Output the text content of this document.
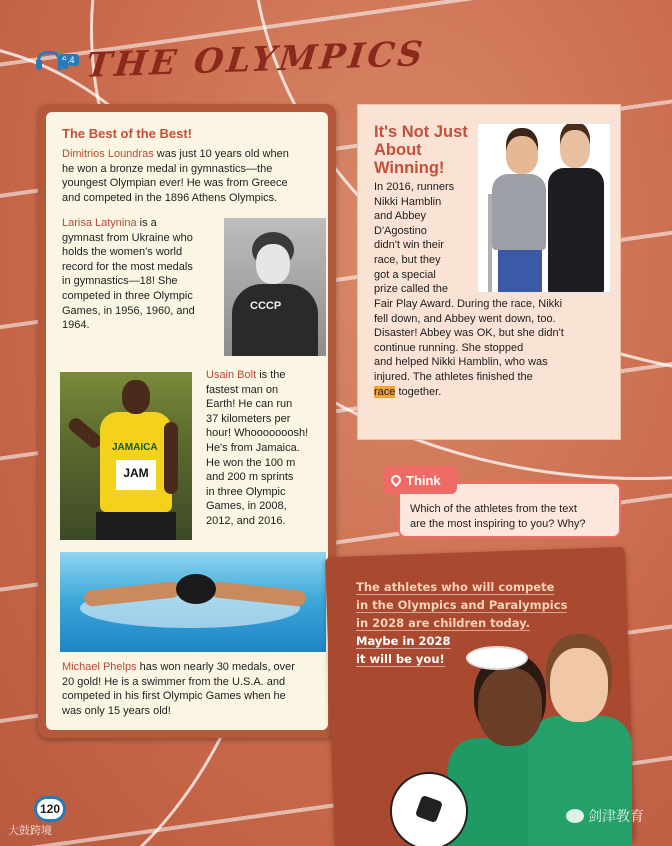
6.4 THE OLYMPICS
The Best of the Best!
Dimitrios Loundras was just 10 years old when
he won a bronze medal in gymnastics—the
youngest Olympian ever! He was from Greece
and competed in the 1896 Athens Olympics.
Larisa Latynina is a
gymnast from Ukraine who
holds the women's world
record for the most medals
in gymnastics—18! She
competed in three Olympic
Games, in 1956, 1960, and
1964.
CCCP
JAMAICA
JAM
Usain Bolt is the
fastest man on
Earth! He can run
37 kilometers per
hour! Whooooooosh!
He's from Jamaica.
He won the 100 m
and 200 m sprints
in three Olympic
Games, in 2008,
2012, and 2016.
Michael Phelps has won nearly 30 medals, over
20 gold! He is a swimmer from the U.S.A. and
competed in his first Olympic Games when he
was only 15 years old!
It's Not Just About Winning!
In 2016, runners
Nikki Hamblin
and Abbey
D'Agostino
didn't win their
race, but they
got a special
prize called the
Fair Play Award. During the race, Nikki
fell down, and Abbey went down, too.
Disaster! Abbey was OK, but she didn't
continue running. She stopped
and helped Nikki Hamblin, who was
injured. The athletes finished the
race together.
Which of the athletes from the text
are the most inspiring to you? Why?
Think
The athletes who will compete
in the Olympics and Paralympics
in 2028 are children today.
Maybe in 2028
it will be you!
120
大鼓跨境
剑津教育
